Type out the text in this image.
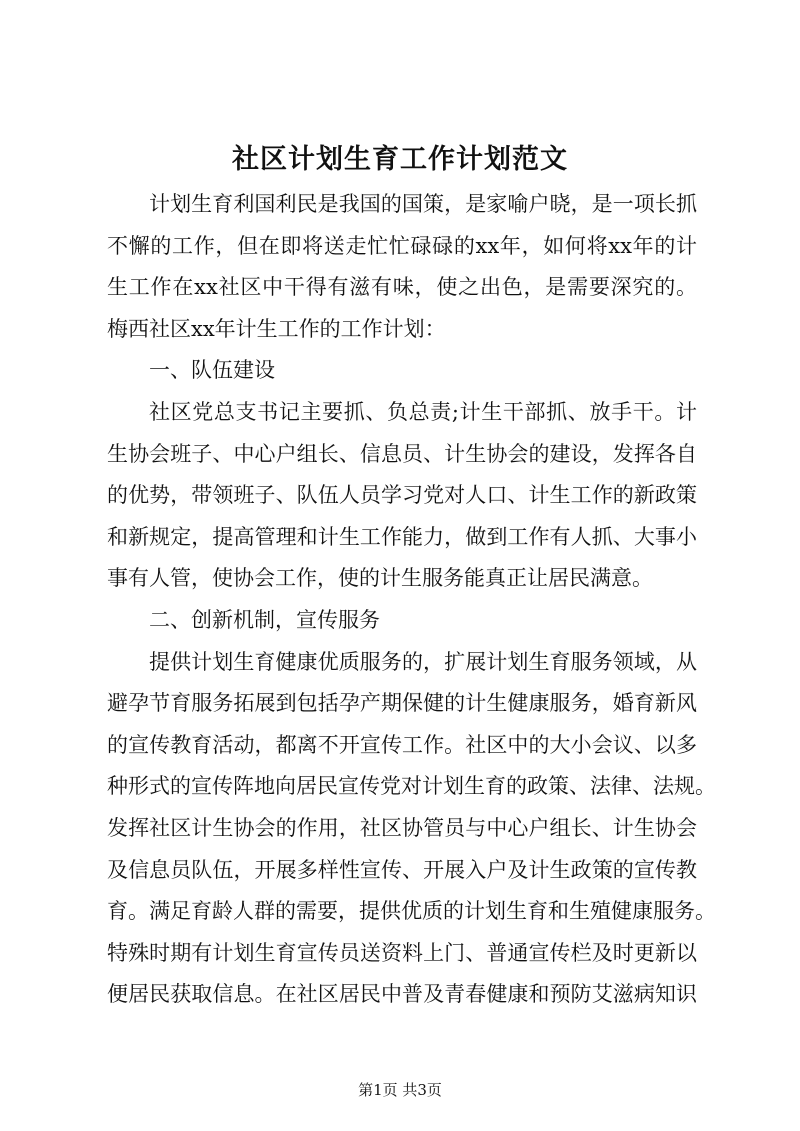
社区计划生育工作计划范文
计划生育利国利民是我国的国策，是家喻户晓，是一项长抓
不懈的工作，但在即将送走忙忙碌碌的xx年，如何将xx年的计
生工作在xx社区中干得有滋有味，使之出色，是需要深究的。
梅西社区xx年计生工作的工作计划：
一、队伍建设
社区党总支书记主要抓、负总责;计生干部抓、放手干。计
生协会班子、中心户组长、信息员、计生协会的建设，发挥各自
的优势，带领班子、队伍人员学习党对人口、计生工作的新政策
和新规定，提高管理和计生工作能力，做到工作有人抓、大事小
事有人管，使协会工作，使的计生服务能真正让居民满意。
二、创新机制，宣传服务
提供计划生育健康优质服务的，扩展计划生育服务领域，从
避孕节育服务拓展到包括孕产期保健的计生健康服务，婚育新风
的宣传教育活动，都离不开宣传工作。社区中的大小会议、以多
种形式的宣传阵地向居民宣传党对计划生育的政策、法律、法规。
发挥社区计生协会的作用，社区协管员与中心户组长、计生协会
及信息员队伍，开展多样性宣传、开展入户及计生政策的宣传教
育。满足育龄人群的需要，提供优质的计划生育和生殖健康服务。
特殊时期有计划生育宣传员送资料上门、普通宣传栏及时更新以
便居民获取信息。在社区居民中普及青春健康和预防艾滋病知识
第1页 共3页
